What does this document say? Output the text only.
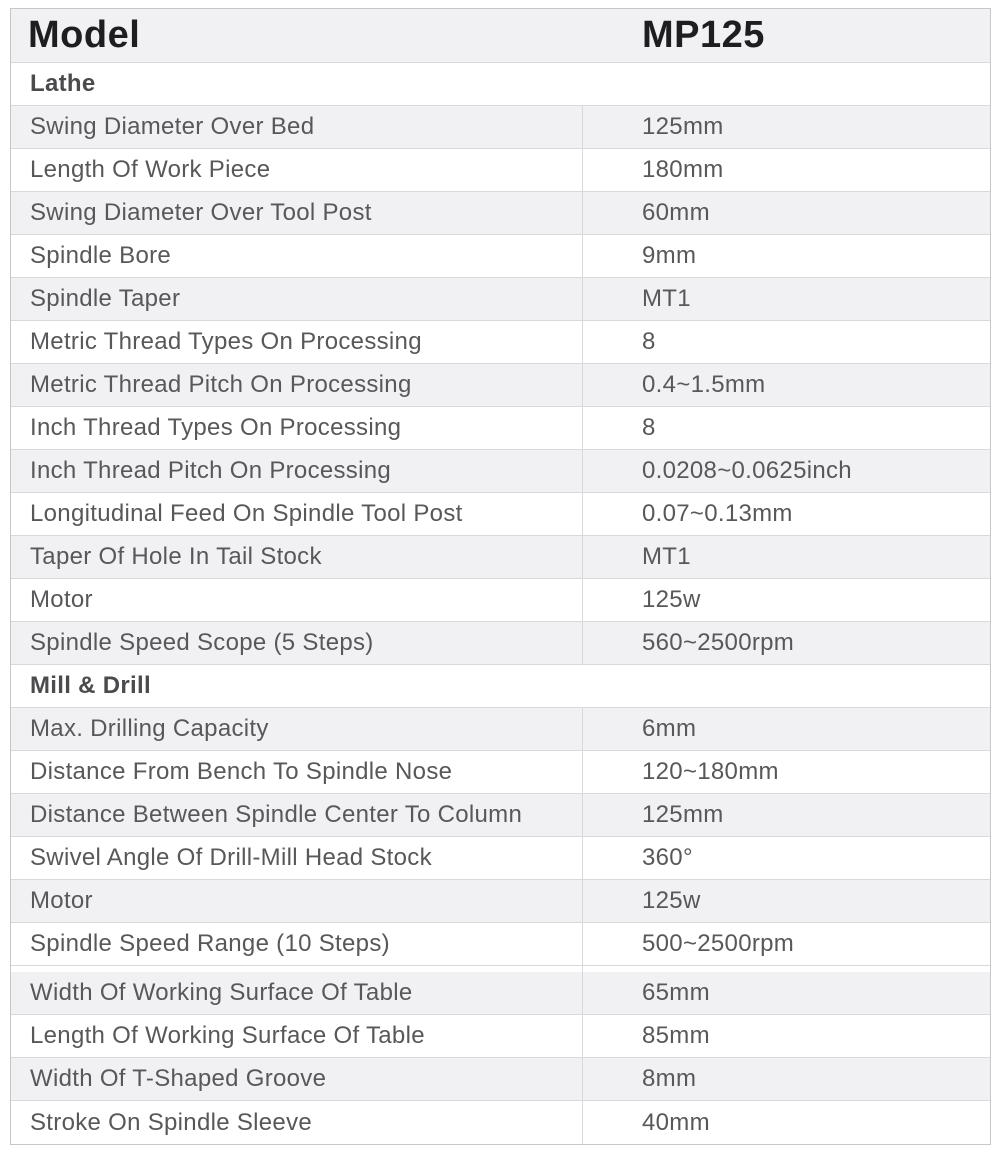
Model	MP125
Lathe
Swing Diameter Over Bed	125mm
Length Of Work Piece	180mm
Swing Diameter Over Tool Post	60mm
Spindle Bore	9mm
Spindle Taper	MT1
Metric Thread Types On Processing	8
Metric Thread Pitch On Processing	0.4~1.5mm
Inch Thread Types On Processing	8
Inch Thread Pitch On Processing	0.0208~0.0625inch
Longitudinal Feed On Spindle Tool Post	0.07~0.13mm
Taper Of Hole In Tail Stock	MT1
Motor	125w
Spindle Speed Scope (5 Steps)	560~2500rpm
Mill & Drill
Max. Drilling Capacity	6mm
Distance From Bench To Spindle Nose	120~180mm
Distance Between Spindle Center To Column	125mm
Swivel Angle Of Drill-Mill Head Stock	360°
Motor	125w
Spindle Speed Range (10 Steps)	500~2500rpm
Width Of Working Surface Of Table	65mm
Length Of Working Surface Of Table	85mm
Width Of T-Shaped Groove	8mm
Stroke On Spindle Sleeve	40mm
